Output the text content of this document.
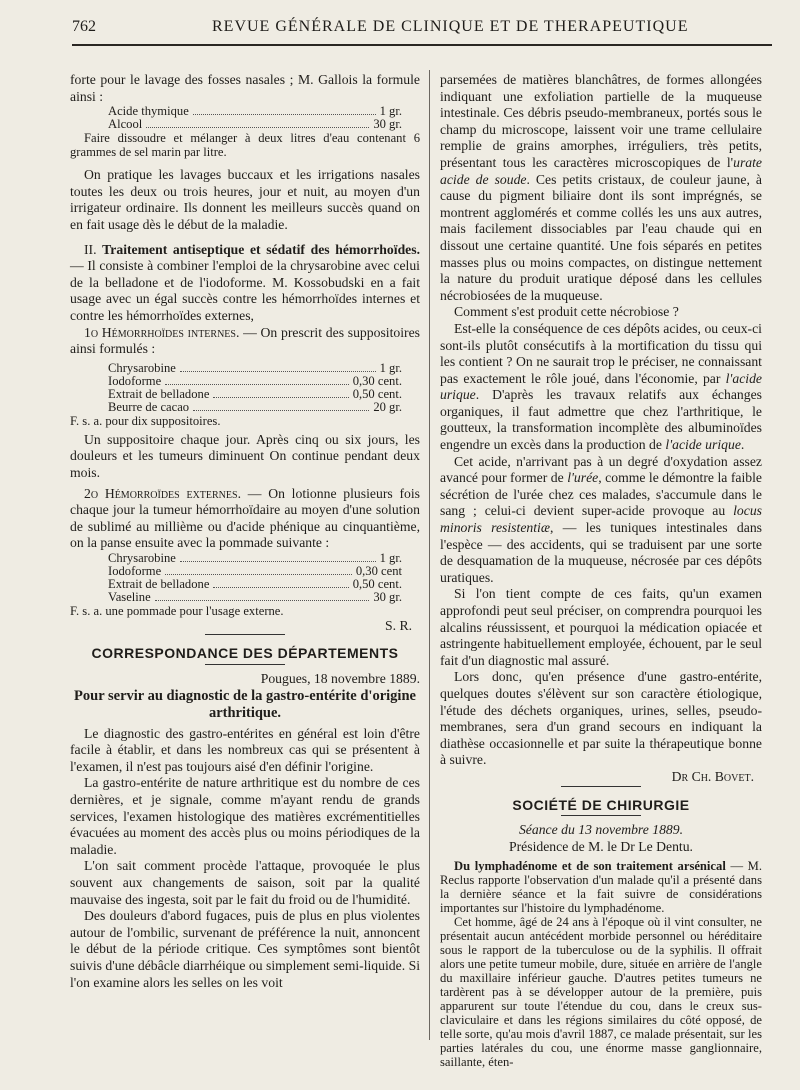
762	REVUE GÉNÉRALE DE CLINIQUE ET DE THERAPEUTIQUE

forte pour le lavage des fosses nasales ; M. Gallois la formule ainsi :

Acide thymique	1 gr.
Alcool	30 gr.

Faire dissoudre et mélanger à deux litres d'eau contenant 6 grammes de sel marin par litre.

On pratique les lavages buccaux et les irrigations nasales toutes les deux ou trois heures, jour et nuit, au moyen d'un irrigateur ordinaire. Ils donnent les meilleurs succès quand on en fait usage dès le début de la maladie.

II. Traitement antiseptique et sédatif des hémorrhoïdes. — Il consiste à combiner l'emploi de la chrysarobine avec celui de la belladone et de l'iodoforme. M. Kossobudski en a fait usage avec un égal succès contre les hémorrhoïdes internes et contre les hémorrhoïdes externes,

1o Hémorrhoïdes internes. — On prescrit des suppositoires ainsi formulés :

Chrysarobine	1 gr.
Iodoforme	0,30 cent.
Extrait de belladone	0,50 cent.
Beurre de cacao	20 gr.

F. s. a. pour dix suppositoires.

Un suppositoire chaque jour. Après cinq ou six jours, les douleurs et les tumeurs diminuent On continue pendant deux mois.

2o Hémorroïdes externes. — On lotionne plusieurs fois chaque jour la tumeur hémorrhoïdaire au moyen d'une solution de sublimé au millième ou d'acide phénique au cinquantième, on la panse ensuite avec la pommade suivante :

Chrysarobine	1 gr.
Iodoforme	0,30 cent
Extrait de belladone	0,50 cent.
Vaseline	30 gr.

F. s. a. une pommade pour l'usage externe.

S. R.

CORRESPONDANCE DES DÉPARTEMENTS

Pougues, 18 novembre 1889.

Pour servir au diagnostic de la gastro-entérite d'origine arthritique.

Le diagnostic des gastro-entérites en général est loin d'être facile à établir, et dans les nombreux cas qui se présentent à l'examen, il n'est pas toujours aisé d'en définir l'origine.

La gastro-entérite de nature arthritique est du nombre de ces dernières, et je signale, comme m'ayant rendu de grands services, l'examen histologique des matières excrémentitielles évacuées au moment des accès plus ou moins périodiques de la maladie.

L'on sait comment procède l'attaque, provoquée le plus souvent aux changements de saison, soit par la qualité mauvaise des ingesta, soit par le fait du froid ou de l'humidité.

Des douleurs d'abord fugaces, puis de plus en plus violentes autour de l'ombilic, survenant de préférence la nuit, annoncent le début de la période critique. Ces symptômes sont bientôt suivis d'une débâcle diarrhéique ou simplement semi-liquide. Si l'on examine alors les selles on les voit

parsemées de matières blanchâtres, de formes allongées indiquant une exfoliation partielle de la muqueuse intestinale. Ces débris pseudo-membraneux, portés sous le champ du microscope, laissent voir une trame cellulaire remplie de grains amorphes, irréguliers, très petits, présentant tous les caractères microscopiques de l'urate acide de soude. Ces petits cristaux, de couleur jaune, à cause du pigment biliaire dont ils sont imprégnés, se montrent agglomérés et comme collés les uns aux autres, mais facilement dissociables par l'eau chaude qui en dissout une certaine quantité. Une fois séparés en petites masses plus ou moins compactes, on distingue nettement la nature du produit uratique déposé dans les cellules nécrobiosées de la muqueuse.

Comment s'est produit cette nécrobiose ?

Est-elle la conséquence de ces dépôts acides, ou ceux-ci sont-ils plutôt consécutifs à la mortification du tissu qui les contient ? On ne saurait trop le préciser, ne connaissant pas exactement le rôle joué, dans l'économie, par l'acide urique. D'après les travaux relatifs aux échanges organiques, il faut admettre que chez l'arthritique, le goutteux, la transformation incomplète des albuminoïdes engendre un excès dans la production de l'acide urique.

Cet acide, n'arrivant pas à un degré d'oxydation assez avancé pour former de l'urée, comme le démontre la faible sécrétion de l'urée chez ces malades, s'accumule dans le sang ; celui-ci devient super-acide provoque au locus minoris resistentiæ, — les tuniques intestinales dans l'espèce — des accidents, qui se traduisent par une sorte de desquamation de la muqueuse, nécrosée par ces dépôts uratiques.

Si l'on tient compte de ces faits, qu'un examen approfondi peut seul préciser, on comprendra pourquoi les alcalins réussissent, et pourquoi la médication opiacée et astringente habituellement employée, échouent, par le seul fait d'un diagnostic mal assuré.

Lors donc, qu'en présence d'une gastro-entérite, quelques doutes s'élèvent sur son caractère étiologique, l'étude des déchets organiques, urines, selles, pseudo-membranes, sera d'un grand secours en indiquant la diathèse occasionnelle et par suite la thérapeutique bonne à suivre.

Dr Ch. Bovet.

SOCIÉTÉ DE CHIRURGIE

Séance du 13 novembre 1889.

Présidence de M. le Dr Le Dentu.

Du lymphadénome et de son traitement arsénical — M. Reclus rapporte l'observation d'un malade qu'il a présenté dans la dernière séance et la fait suivre de considérations importantes sur l'histoire du lymphadénome.

Cet homme, âgé de 24 ans à l'époque où il vint consulter, ne présentait aucun antécédent morbide personnel ou héréditaire sous le rapport de la tuberculose ou de la syphilis. Il offrait alors une petite tumeur mobile, dure, située en arrière de l'angle du maxillaire inférieur gauche. D'autres petites tumeurs ne tardèrent pas à se développer autour de la première, puis apparurent sur toute l'étendue du cou, dans le creux sus-claviculaire et dans les régions similaires du côté opposé, de telle sorte, qu'au mois d'avril 1887, ce malade présentait, sur les parties latérales du cou, une énorme masse ganglionnaire, saillante, éten-
